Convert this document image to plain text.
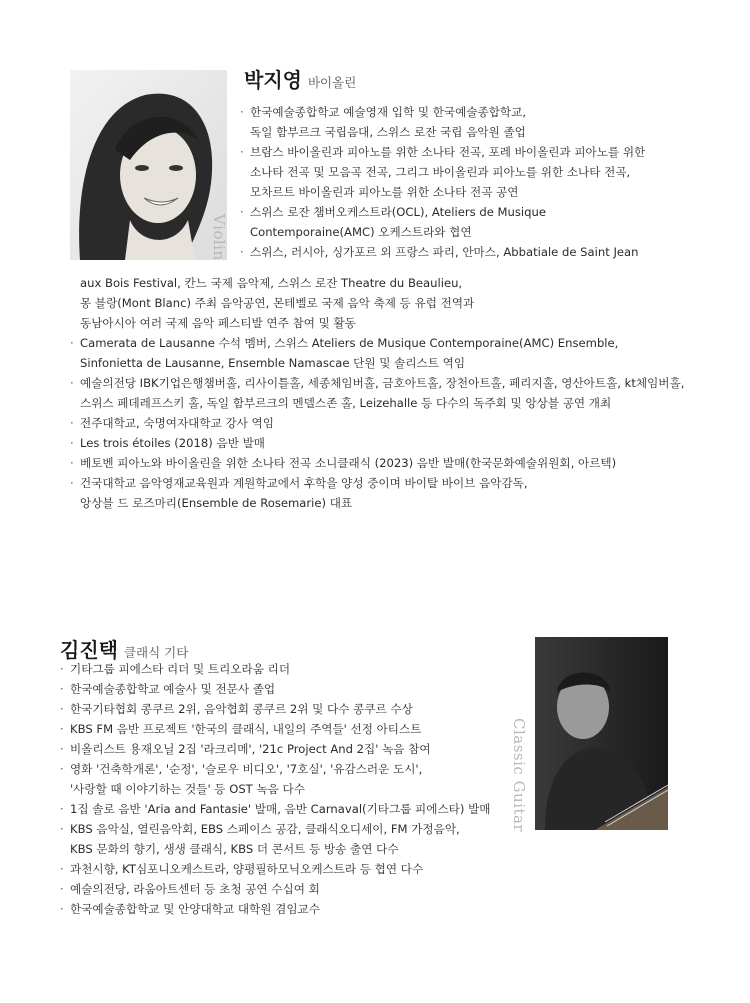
Violin
박지영 바이올린
· 한국예술종합학교 예술영재 입학 및 한국예술종합학교,
독일 함부르크 국립음대, 스위스 로잔 국립 음악원 졸업
· 브람스 바이올린과 피아노를 위한 소나타 전곡, 포레 바이올린과 피아노를 위한
소나타 전곡 및 모음곡 전곡, 그리그 바이올린과 피아노를 위한 소나타 전곡,
모차르트 바이올린과 피아노를 위한 소나타 전곡 공연
· 스위스 로잔 챔버오케스트라(OCL), Ateliers de Musique
Contemporaine(AMC) 오케스트라와 협연
· 스위스, 러시아, 싱가포르 외 프랑스 파리, 안마스, Abbatiale de Saint Jean
aux Bois Festival, 칸느 국제 음악제, 스위스 로잔 Theatre du Beaulieu,
몽 블랑(Mont Blanc) 주최 음악공연, 몬테벨로 국제 음악 축제 등 유럽 전역과
동남아시아 여러 국제 음악 페스티발 연주 참여 및 활동
· Camerata de Lausanne 수석 멤버, 스위스 Ateliers de Musique Contemporaine(AMC) Ensemble,
Sinfonietta de Lausanne, Ensemble Namascae 단원 및 솔리스트 역임
· 예술의전당 IBK기업은행챔버홀, 리사이틀홀, 세종체임버홀, 금호아트홀, 장천아트홀, 페리지홀, 영산아트홀, kt체임버홀,
스위스 페데레프스키 홀, 독일 함부르크의 멘델스존 홀, Leizehalle 등 다수의 독주회 및 앙상블 공연 개최
· 전주대학교, 숙명여자대학교 강사 역임
· Les trois étoiles (2018) 음반 발매
· 베토벤 피아노와 바이올린을 위한 소나타 전곡 소니클래식 (2023) 음반 발매(한국문화예술위원회, 아르텍)
· 건국대학교 음악영재교육원과 계원학교에서 후학을 양성 중이며 바이탈 바이브 음악감독,
앙상블 드 로즈마리(Ensemble de Rosemarie) 대표
김진택 클래식 기타
· 기타그룹 피에스타 리더 및 트리오라움 리더
· 한국예술종합학교 예술사 및 전문사 졸업
· 한국기타협회 콩쿠르 2위, 음악협회 콩쿠르 2위 및 다수 콩쿠르 수상
· KBS FM 음반 프로젝트 '한국의 클래식, 내일의 주역들' 선정 아티스트
· 비올리스트 용재오닐 2집 '라크리메', '21c Project And 2집' 녹음 참여
· 영화 '건축학개론', '순정', '슬로우 비디오', '7호실', '유감스러운 도시',
'사랑할 때 이야기하는 것들' 등 OST 녹음 다수
· 1집 솔로 음반 'Aria and Fantasie' 발매, 음반 Carnaval(기타그룹 피에스타) 발매
· KBS 음악실, 열린음악회, EBS 스페이스 공감, 클래식오디세이, FM 가정음악,
KBS 문화의 향기, 생생 클래식, KBS 더 콘서트 등 방송 출연 다수
· 과천시향, KT심포니오케스트라, 양평필하모닉오케스트라 등 협연 다수
· 예술의전당, 라움아트센터 등 초청 공연 수십여 회
· 한국예술종합학교 및 안양대학교 대학원 겸임교수
Classic Guitar
